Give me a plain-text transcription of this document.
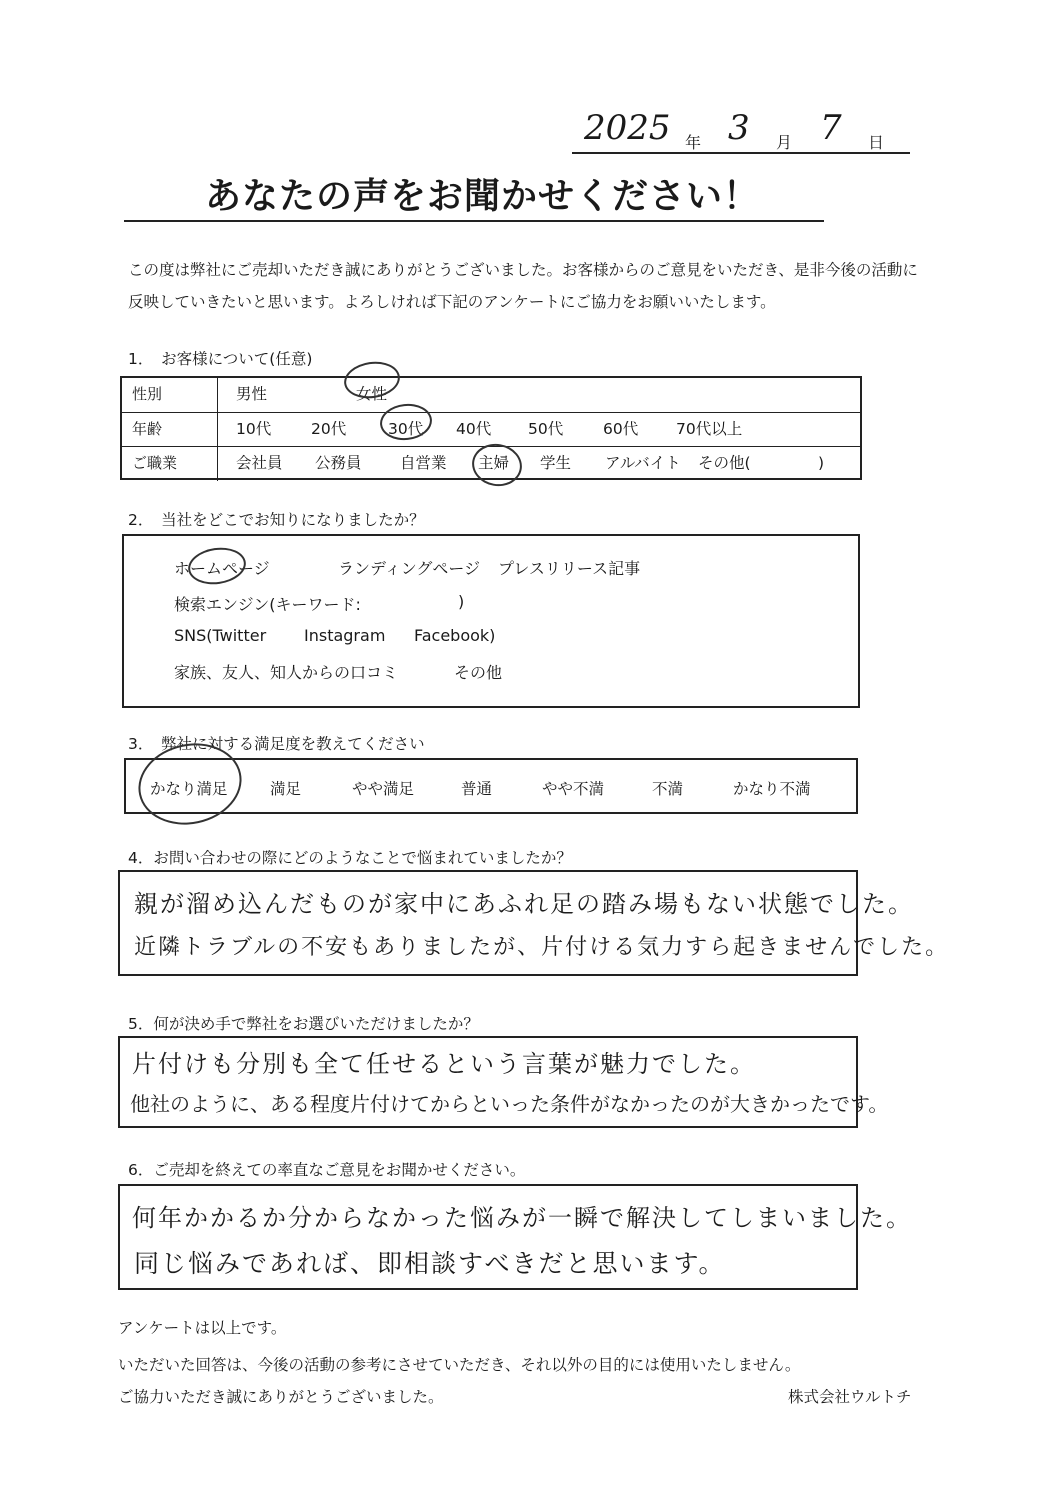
2025 年 3 月 7 日
あなたの声をお聞かせください！
この度は弊社にご売却いただき誠にありがとうございました。お客様からのご意見をいただき、是非今後の活動に
反映していきたいと思います。よろしければ下記のアンケートにご協力をお願いいたします。
1．　お客様について(任意)
性別	男性	女性
年齢	10代	20代	30代 40代 50代	60代 70代以上
ご職業	会社員 公務員 自営業 主婦 学生 アルバイト その他(	)
2．　当社をどこでお知りになりましたか？
ホームページ	ランディングページ プレスリリース記事
検索エンジン(キーワード:	)
SNS(Twitter Instagram Facebook)
家族、友人、知人からの口コミ	その他
3．　弊社に対する満足度を教えてください
かなり満足	満足	やや満足	普通	やや不満	不満	かなり不満
4．お問い合わせの際にどのようなことで悩まれていましたか？
親が溜め込んだものが家中にあふれ足の踏み場もない状態でした。
近隣トラブルの不安もありましたが、片付ける気力すら起きませんでした。
5．何が決め手で弊社をお選びいただけましたか？
片付けも分別も全て任せるという言葉が魅力でした。
他社のように、ある程度片付けてからといった条件がなかったのが大きかったです。
6．ご売却を終えての率直なご意見をお聞かせください。
何年かかるか分からなかった悩みが一瞬で解決してしまいました。
同じ悩みであれば、即相談すべきだと思います。
アンケートは以上です。
いただいた回答は、今後の活動の参考にさせていただき、それ以外の目的には使用いたしません。
ご協力いただき誠にありがとうございました。	株式会社ウルトチ
